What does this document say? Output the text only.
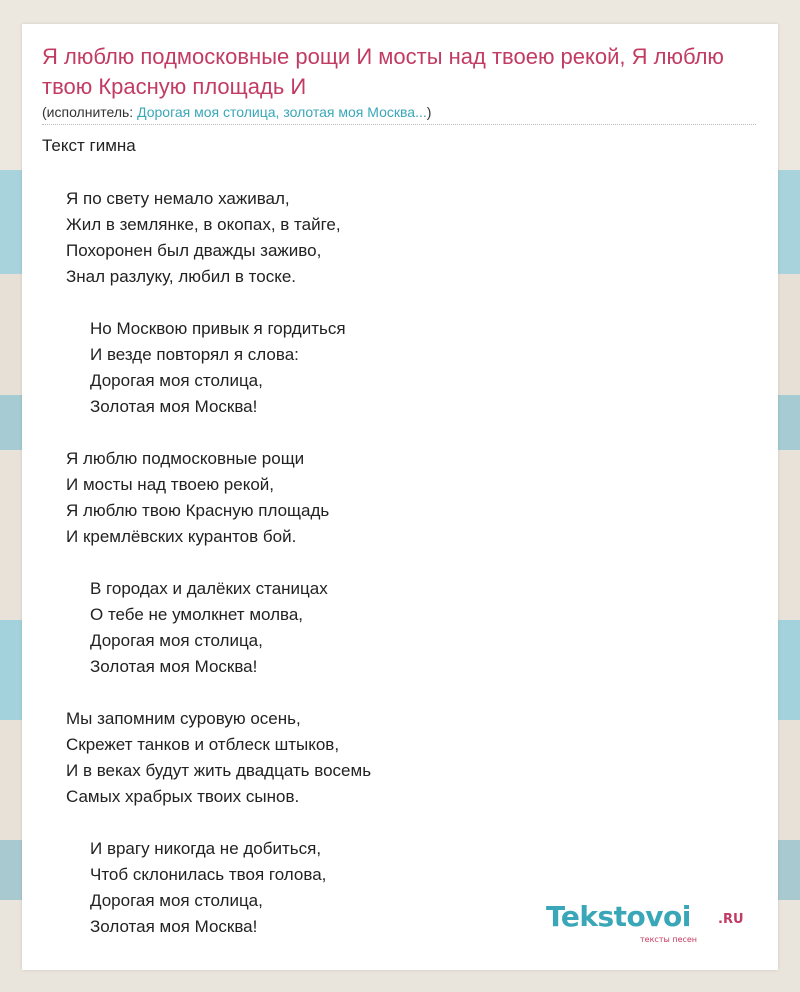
Я люблю подмосковные рощи И мосты над твоею рекой, Я люблю твою Красную площадь И
(исполнитель: Дорогая моя столица, золотая моя Москва...)
Текст гимна
Я по свету немало хаживал,
Жил в землянке, в окопах, в тайге,
Похоронен был дважды заживо,
Знал разлуку, любил в тоске.
Но Москвою привык я гордиться
И везде повторял я слова:
Дорогая моя столица,
Золотая моя Москва!
Я люблю подмосковные рощи
И мосты над твоею рекой,
Я люблю твою Красную площадь
И кремлёвских курантов бой.
В городах и далёких станицах
О тебе не умолкнет молва,
Дорогая моя столица,
Золотая моя Москва!
Мы запомним суровую осень,
Скрежет танков и отблеск штыков,
И в веках будут жить двадцать восемь
Самых храбрых твоих сынов.
И врагу никогда не добиться,
Чтоб склонилась твоя голова,
Дорогая моя столица,
Золотая моя Москва!	Tekstovoi .RU
тексты песен
